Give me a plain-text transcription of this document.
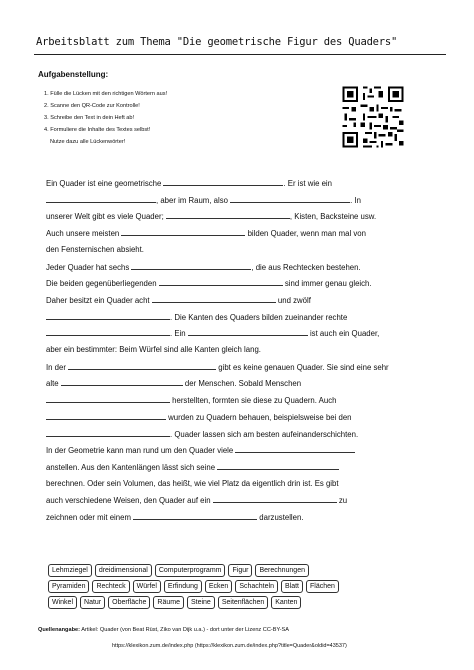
Arbeitsblatt zum Thema "Die geometrische Figur des Quaders"
Aufgabenstellung:
1. Fülle die Lücken mit den richtigen Wörtern aus!
2. Scanne den QR-Code zur Kontrolle!
3. Schreibe den Text in dein Heft ab!
4. Formuliere die Inhalte des Textes selbst!
Nutze dazu alle Lückenwörter!
Ein Quader ist eine geometrische	. Er ist wie ein
, aber im Raum, also	. In
unserer Welt gibt es viele Quader;	, Kisten, Backsteine usw.
Auch unsere meisten	bilden Quader, wenn man mal von
den Fensternischen absieht.
Jeder Quader hat sechs	, die aus Rechtecken bestehen.
Die beiden gegenüberliegenden	sind immer genau gleich.
Daher besitzt ein Quader acht	und zwölf
. Die Kanten des Quaders bilden zueinander rechte
. Ein	ist auch ein Quader,
aber ein bestimmter: Beim Würfel sind alle Kanten gleich lang.
In der	gibt es keine genauen Quader. Sie sind eine sehr
alte	der Menschen. Sobald Menschen
herstellten, formten sie diese zu Quadern. Auch
wurden zu Quadern behauen, beispielsweise bei den
. Quader lassen sich am besten aufeinanderschichten.
In der Geometrie kann man rund um den Quader viele
anstellen. Aus den Kantenlängen lässt sich seine
berechnen. Oder sein Volumen, das heißt, wie viel Platz da eigentlich drin ist. Es gibt
auch verschiedene Weisen, den Quader auf ein	zu
zeichnen oder mit einem	darzustellen.
Lehmziegel	dreidimensional	Computerprogramm	Figur	Berechnungen
Pyramiden	Rechteck	Würfel	Erfindung	Ecken	Schachteln	Blatt	Flächen
Winkel	Natur	Oberfläche	Räume	Steine	Seitenflächen	Kanten
Quellenangabe: Artikel: Quader (von Beat Rüst, Ziko van Dijk u.a.) - dort unter der Lizenz CC-BY-SA
https://klexikon.zum.de/index.php (https://klexikon.zum.de/index.php?title=Quader&oldid=43537)
